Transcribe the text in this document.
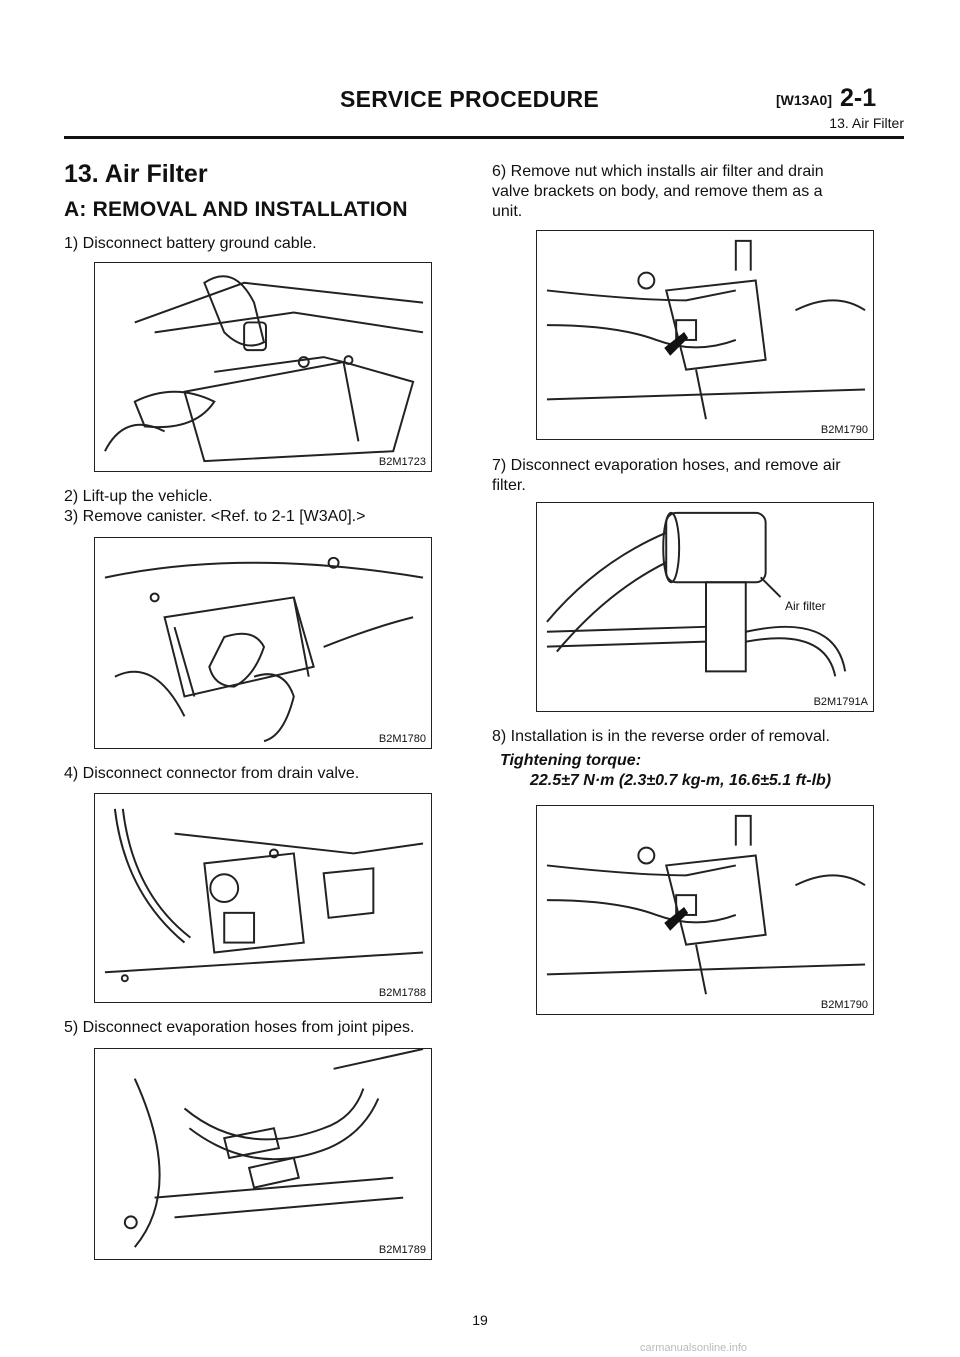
SERVICE PROCEDURE	[W13A0] 2-1
13. Air Filter
13. Air Filter
A: REMOVAL AND INSTALLATION
1) Disconnect battery ground cable.
B2M1723
2) Lift-up the vehicle.
3) Remove canister. <Ref. to 2-1 [W3A0].>
B2M1780
4) Disconnect connector from drain valve.
B2M1788
5) Disconnect evaporation hoses from joint pipes.
B2M1789
6) Remove nut which installs air filter and drain
valve brackets on body, and remove them as a
unit.
B2M1790
7) Disconnect evaporation hoses, and remove air
filter.
Air filter
B2M1791A
8) Installation is in the reverse order of removal.
Tightening torque:
22.5±7 N·m (2.3±0.7 kg-m, 16.6±5.1 ft-lb)
B2M1790
19
carmanualsonline.info
